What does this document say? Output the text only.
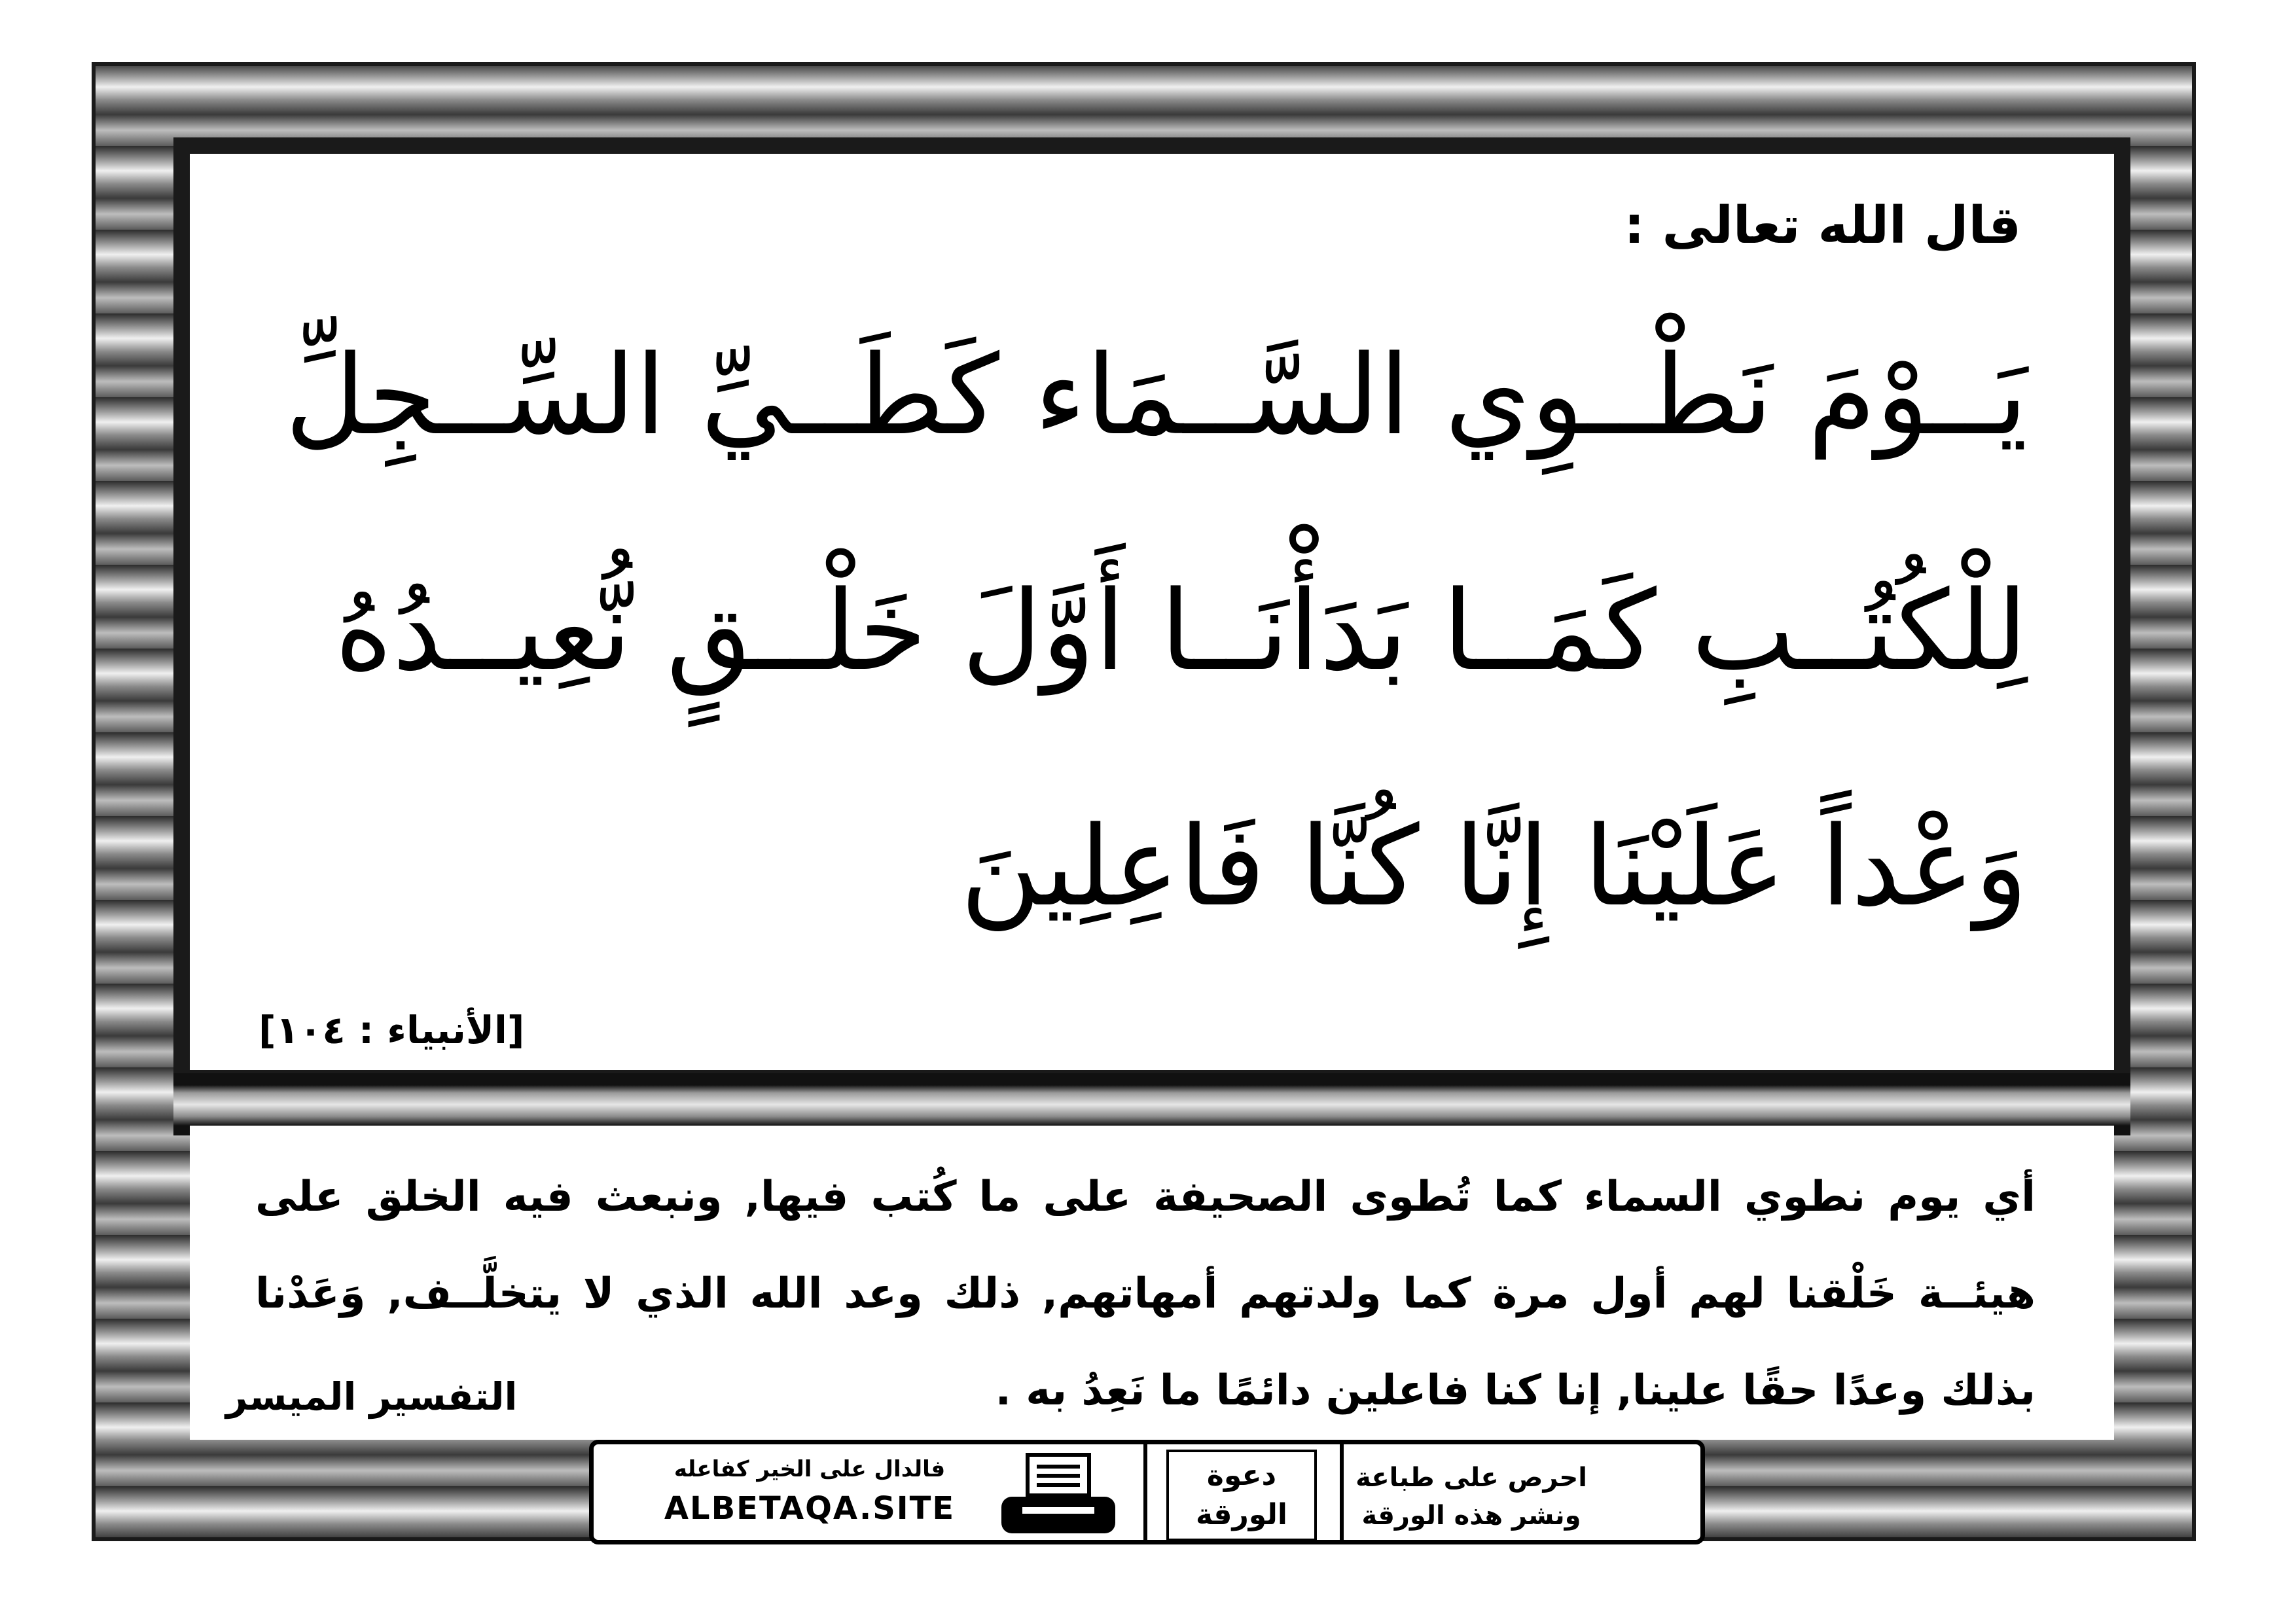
قال الله تعالى :
يَــوْمَ نَطْــوِي السَّــمَاء كَطَــيِّ السِّــجِلِّ
لِلْكُتُــبِ كَمَــا بَدَأْنَــا أَوَّلَ خَلْــقٍ نُّعِيــدُهُ
وَعْداً عَلَيْنَا إِنَّا كُنَّا فَاعِلِينَ
[الأنبياء : ١٠٤]
أي يوم نطوي السماء كما تُطوى الصحيفة على ما كُتب فيها, ونبعث فيه الخلق على هيئــة خَلْقنا لهم أول مرة كما ولدتهم أمهاتهم, ذلك وعد الله الذي لا يتخلَّــف, وَعَدْنا بذلك وعدًا حقًا علينا, إنا كنا فاعلين دائمًا ما نَعِدُ به .
التفسير الميسر
فالدال على الخير كفاعله
ALBETAQA.SITE
دعوة
الورقة
احرص على طباعة
ونشر هذه الورقة
